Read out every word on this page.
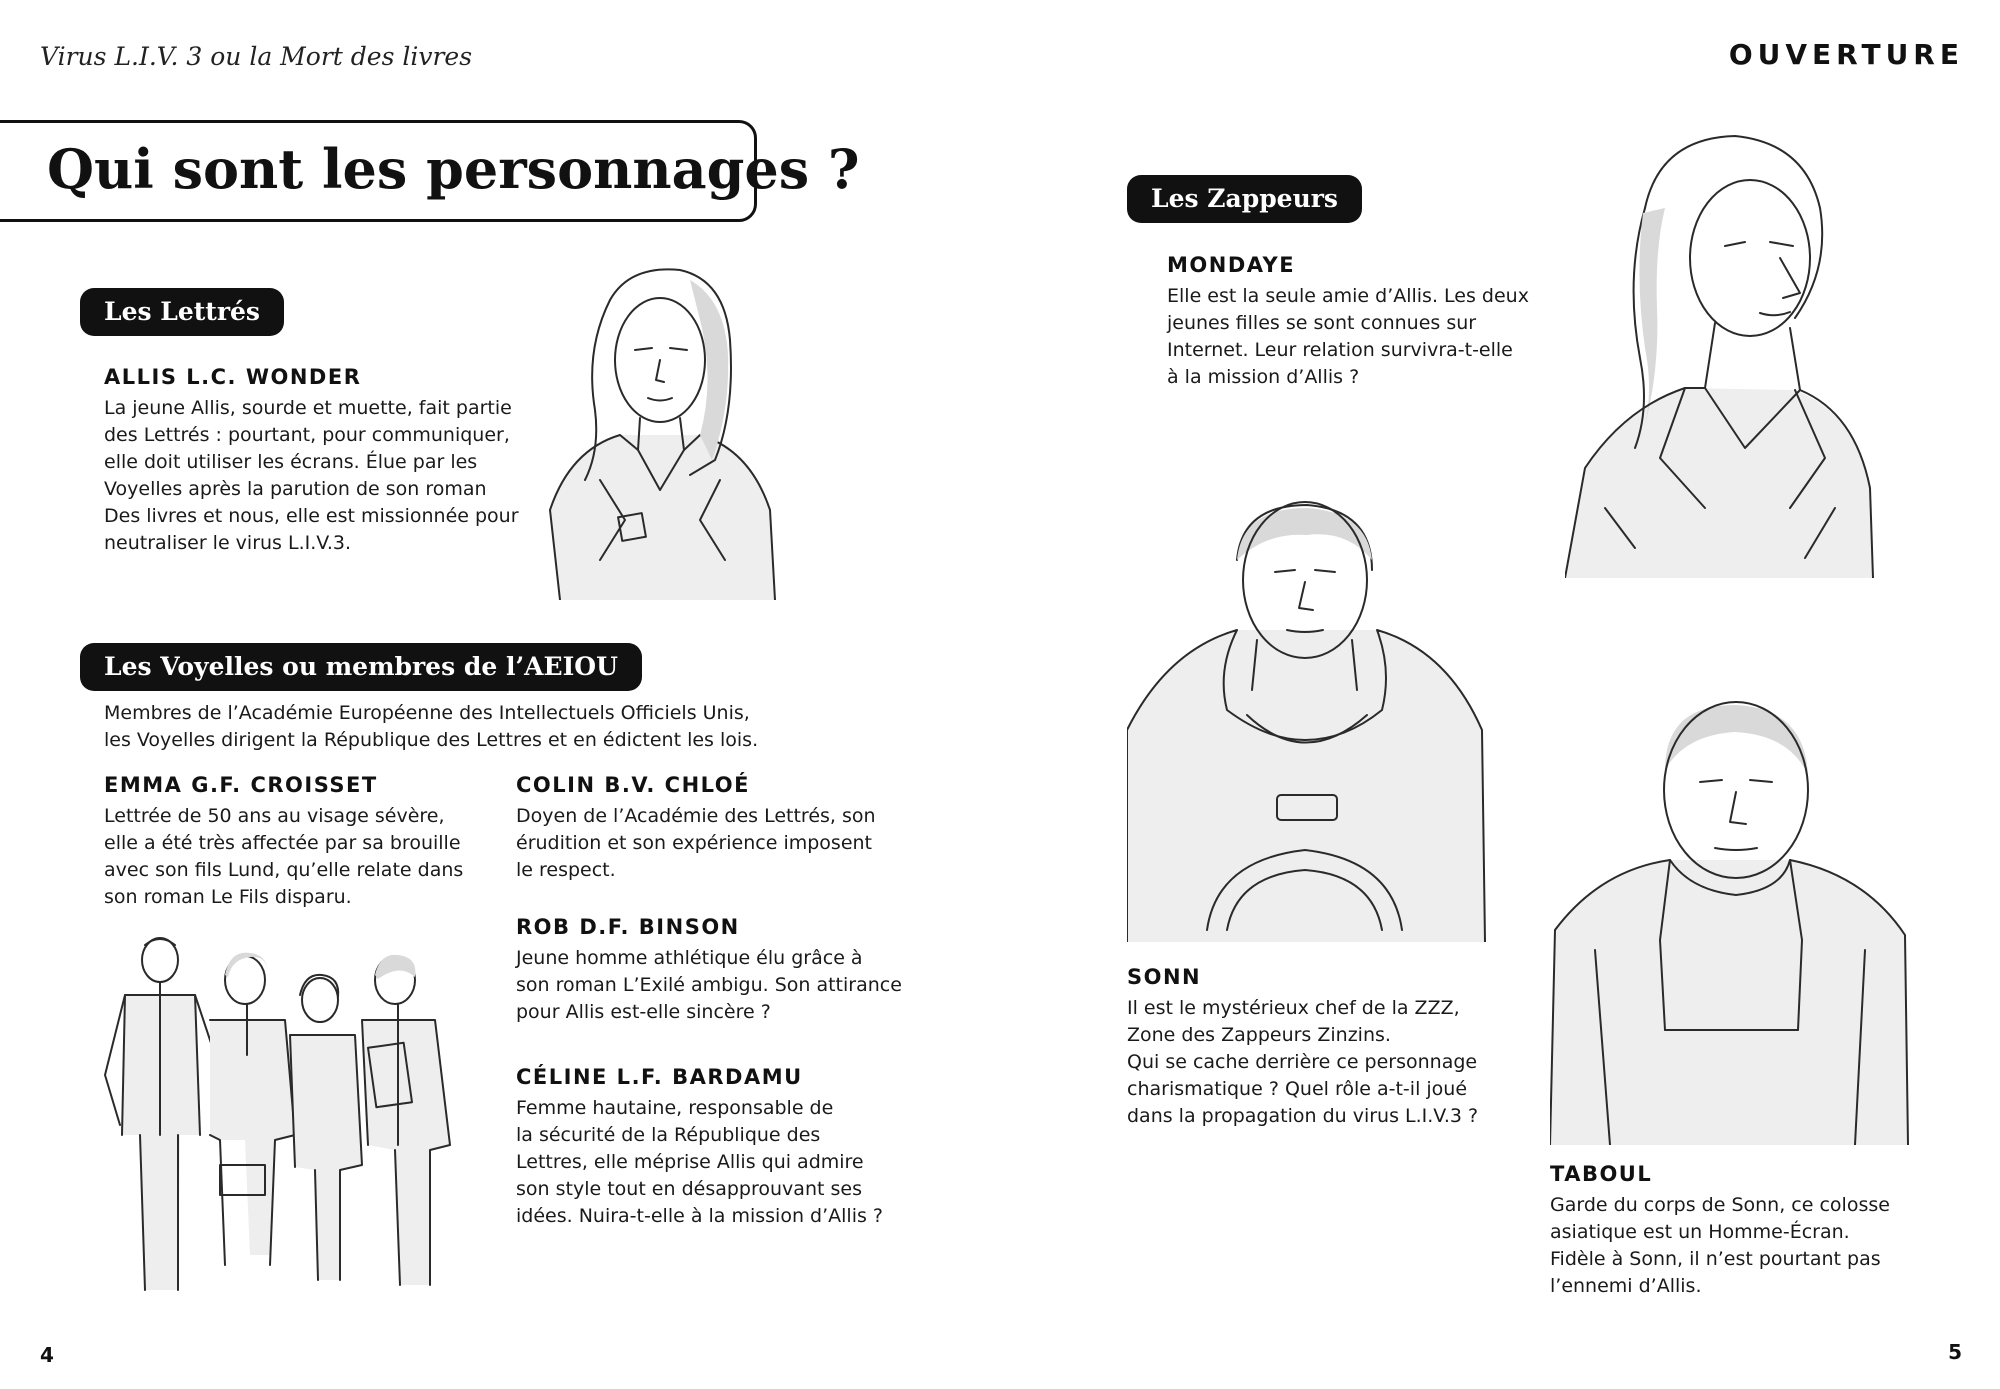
Virus L.I.V. 3 ou la Mort des livres	OUVERTURE
Qui sont les personnages ?
Les Lettrés
ALLIS L.C. WONDER

La jeune Allis, sourde et muette, fait partie

des Lettrés : pourtant, pour communiquer,

elle doit utiliser les écrans. Élue par les

Voyelles après la parution de son roman

Des livres et nous, elle est missionnée pour

neutraliser le virus L.I.V.3.

Les Voyelles ou membres de l’AEIOU

Membres de l’Académie Européenne des Intellectuels Officiels Unis,

les Voyelles dirigent la République des Lettres et en édictent les lois.

EMMA G.F. CROISSET

Lettrée de 50 ans au visage sévère,

elle a été très affectée par sa brouille

avec son fils Lund, qu’elle relate dans

son roman Le Fils disparu.

COLIN B.V. CHLOÉ

Doyen de l’Académie des Lettrés, son

érudition et son expérience imposent

le respect.

ROB D.F. BINSON

Jeune homme athlétique élu grâce à

son roman L’Exilé ambigu. Son attirance

pour Allis est-elle sincère ?

CÉLINE L.F. BARDAMU

Femme hautaine, responsable de

la sécurité de la République des

Lettres, elle méprise Allis qui admire

son style tout en désapprouvant ses

idées. Nuira-t-elle à la mission d’Allis ?

4
Les Zappeurs
MONDAYE

Elle est la seule amie d’Allis. Les deux

jeunes filles se sont connues sur

Internet. Leur relation survivra-t-elle

à la mission d’Allis ?

SONN

Il est le mystérieux chef de la ZZZ,

Zone des Zappeurs Zinzins.

Qui se cache derrière ce personnage

charismatique ? Quel rôle a-t-il joué

dans la propagation du virus L.I.V.3 ?

TABOUL

Garde du corps de Sonn, ce colosse

asiatique est un Homme-Écran.

Fidèle à Sonn, il n’est pourtant pas

l’ennemi d’Allis.

5
